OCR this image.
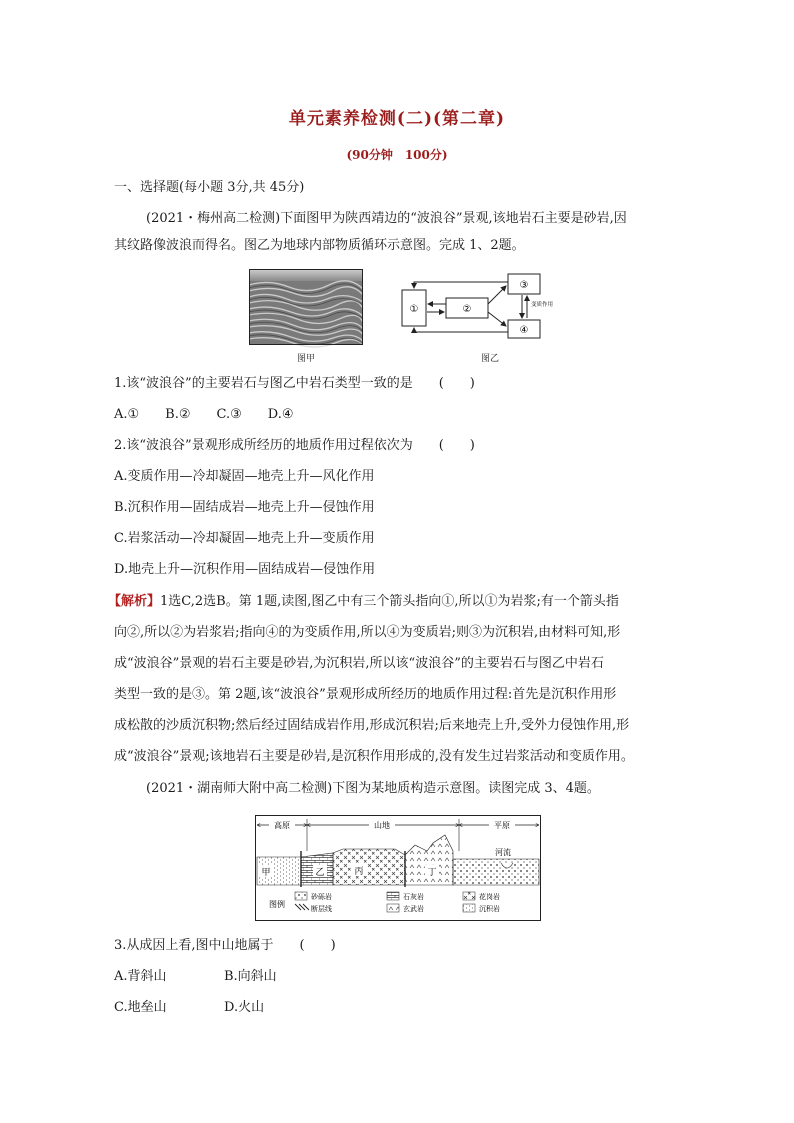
单元素养检测(二)(第二章)
(90分钟　100分)
一、选择题(每小题 3分,共 45分)
(2021・梅州高二检测)下面图甲为陕西靖边的“波浪谷”景观,该地岩石主要是砂岩,因
其纹路像波浪而得名。图乙为地球内部物质循环示意图。完成 1、2题。
图甲
①	②
③
④
变质作用
图乙
1.该“波浪谷”的主要岩石与图乙中岩石类型一致的是　　(　　)
A.①　　B.②　　C.③　　D.④
2.该“波浪谷”景观形成所经历的地质作用过程依次为　　(　　)
A.变质作用—冷却凝固—地壳上升—风化作用
B.沉积作用—固结成岩—地壳上升—侵蚀作用
C.岩浆活动—冷却凝固—地壳上升—变质作用
D.地壳上升—沉积作用—固结成岩—侵蚀作用
【解析】1选C,2选B。第 1题,读图,图乙中有三个箭头指向①,所以①为岩浆;有一个箭头指
向②,所以②为岩浆岩;指向④的为变质作用,所以④为变质岩;则③为沉积岩,由材料可知,形
成“波浪谷”景观的岩石主要是砂岩,为沉积岩,所以该“波浪谷”的主要岩石与图乙中岩石
类型一致的是③。第 2题,该“波浪谷”景观形成所经历的地质作用过程:首先是沉积作用形
成松散的沙质沉积物;然后经过固结成岩作用,形成沉积岩;后来地壳上升,受外力侵蚀作用,形
成“波浪谷”景观;该地岩石主要是砂岩,是沉积作用形成的,没有发生过岩浆活动和变质作用。
(2021・湖南师大附中高二检测)下图为某地质构造示意图。读图完成 3、4题。
高原	山地	平原
甲	乙	丙	丁
河流
图例
砂砾岩	石灰岩	花岗岩
断层线	玄武岩	沉积岩
3.从成因上看,图中山地属于　　(　　)
A.背斜山	B.向斜山
C.地垒山	D.火山
